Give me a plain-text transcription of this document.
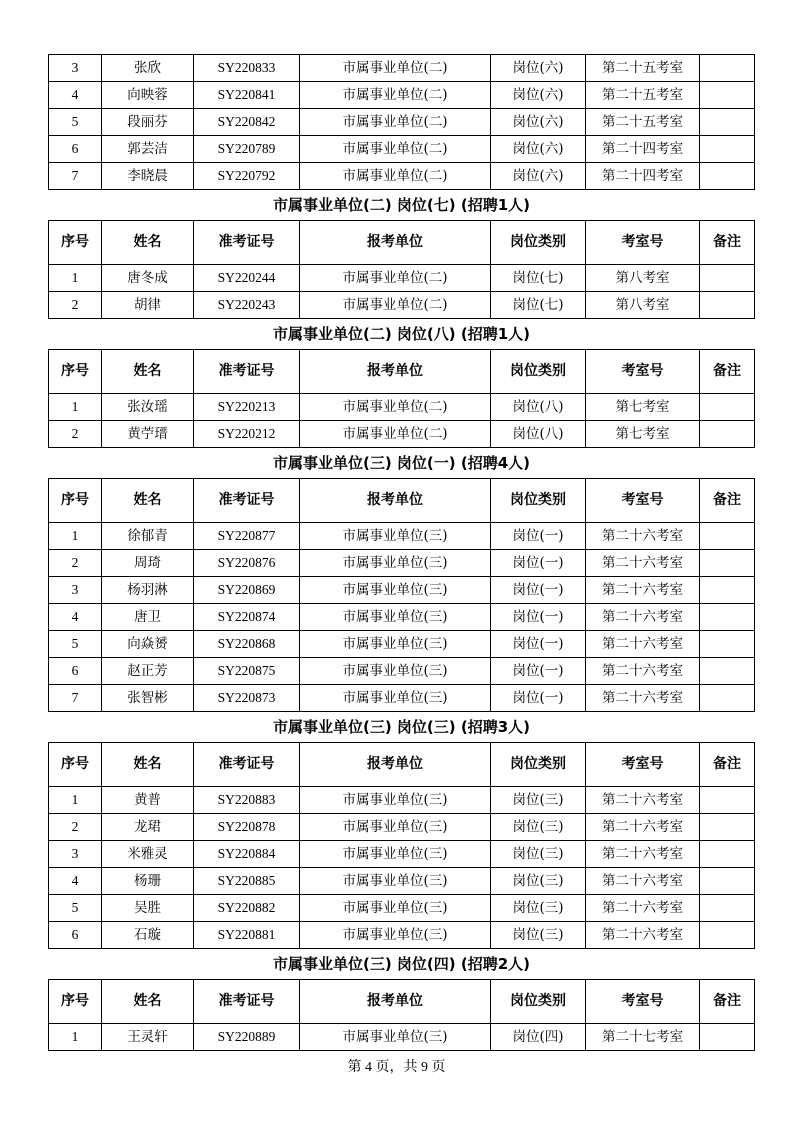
3	张欣	SY220833	市属事业单位(二)	岗位(六)	第二十五考室	
4	向映蓉	SY220841	市属事业单位(二)	岗位(六)	第二十五考室	
5	段丽芬	SY220842	市属事业单位(二)	岗位(六)	第二十五考室	
6	郭芸洁	SY220789	市属事业单位(二)	岗位(六)	第二十四考室	
7	李晓晨	SY220792	市属事业单位(二)	岗位(六)	第二十四考室	
市属事业单位(二) 岗位(七) (招聘1人)						
序号	姓名	准考证号	报考单位	岗位类别	考室号	备注
1	唐冬成	SY220244	市属事业单位(二)	岗位(七)	第八考室	
2	胡律	SY220243	市属事业单位(二)	岗位(七)	第八考室	
市属事业单位(二) 岗位(八) (招聘1人)						
序号	姓名	准考证号	报考单位	岗位类别	考室号	备注
1	张汝瑶	SY220213	市属事业单位(二)	岗位(八)	第七考室	
2	黄苧瑨	SY220212	市属事业单位(二)	岗位(八)	第七考室	
市属事业单位(三) 岗位(一) (招聘4人)						
序号	姓名	准考证号	报考单位	岗位类别	考室号	备注
1	徐郁青	SY220877	市属事业单位(三)	岗位(一)	第二十六考室	
2	周琦	SY220876	市属事业单位(三)	岗位(一)	第二十六考室	
3	杨羽淋	SY220869	市属事业单位(三)	岗位(一)	第二十六考室	
4	唐卫	SY220874	市属事业单位(三)	岗位(一)	第二十六考室	
5	向焱赟	SY220868	市属事业单位(三)	岗位(一)	第二十六考室	
6	赵正芳	SY220875	市属事业单位(三)	岗位(一)	第二十六考室	
7	张智彬	SY220873	市属事业单位(三)	岗位(一)	第二十六考室	
市属事业单位(三) 岗位(三) (招聘3人)						
序号	姓名	准考证号	报考单位	岗位类别	考室号	备注
1	黄普	SY220883	市属事业单位(三)	岗位(三)	第二十六考室	
2	龙珺	SY220878	市属事业单位(三)	岗位(三)	第二十六考室	
3	米雅灵	SY220884	市属事业单位(三)	岗位(三)	第二十六考室	
4	杨珊	SY220885	市属事业单位(三)	岗位(三)	第二十六考室	
5	吴胜	SY220882	市属事业单位(三)	岗位(三)	第二十六考室	
6	石璇	SY220881	市属事业单位(三)	岗位(三)	第二十六考室	
市属事业单位(三) 岗位(四) (招聘2人)						
序号	姓名	准考证号	报考单位	岗位类别	考室号	备注
1	王灵轩	SY220889	市属事业单位(三)	岗位(四)	第二十七考室	
第 4 页，共 9 页
